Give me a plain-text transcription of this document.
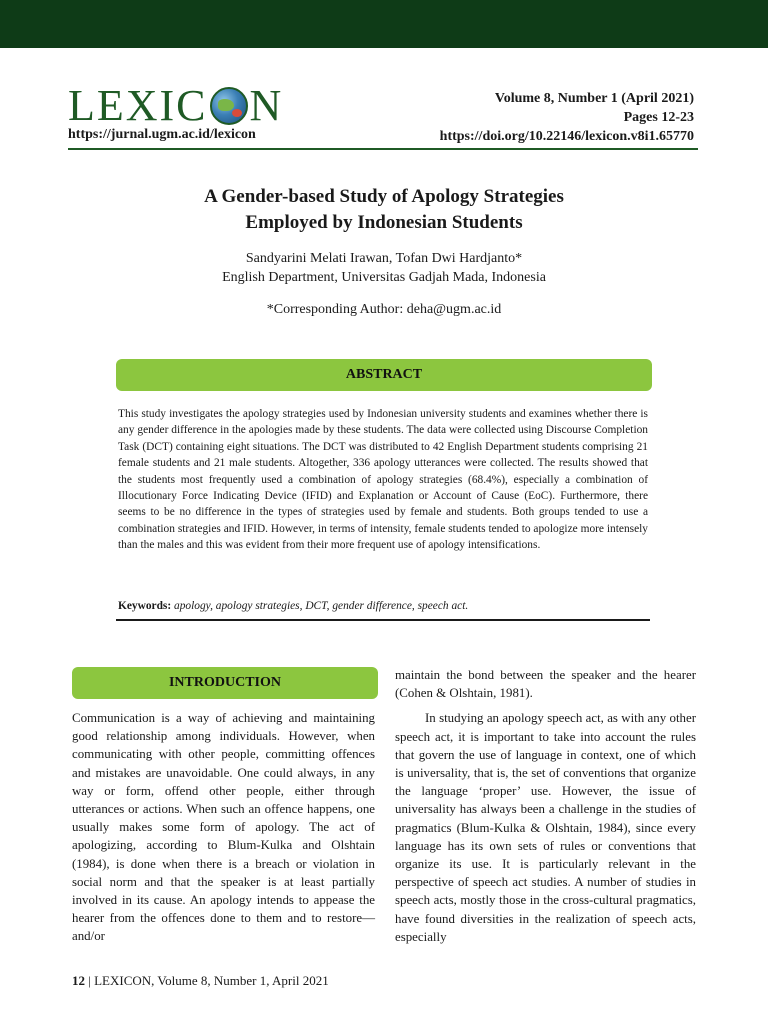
LEXIC N
https://jurnal.ugm.ac.id/lexicon
Volume 8, Number 1 (April 2021)
Pages 12-23
https://doi.org/10.22146/lexicon.v8i1.65770
A Gender-based Study of Apology Strategies
Employed by Indonesian Students
Sandyarini Melati Irawan, Tofan Dwi Hardjanto*
English Department, Universitas Gadjah Mada, Indonesia
*Corresponding Author: deha@ugm.ac.id
ABSTRACT
This study investigates the apology strategies used by Indonesian university students and examines whether there is any gender difference in the apologies made by these students. The data were collected using Discourse Completion Task (DCT) containing eight situations. The DCT was distributed to 42 English Department students comprising 21 female students and 21 male students. Altogether, 336 apology utterances were collected. The results showed that the students most frequently used a combination of apology strategies (68.4%), especially a combination of Illocutionary Force Indicating Device (IFID) and Explanation or Account of Cause (EoC). Furthermore, there seems to be no difference in the types of strategies used by female and students. Both groups tended to use a combination strategies and IFID. However, in terms of intensity, female students tended to apologize more intensely than the males and this was evident from their more frequent use of apology intensifications.
Keywords: apology, apology strategies, DCT, gender difference, speech act.
INTRODUCTION

Communication is a way of achieving and maintaining good relationship among individuals. However, when communicating with other people, committing offences and mistakes are unavoidable. One could always, in any way or form, offend other people, either through utterances or actions. When such an offence happens, one usually makes some form of apology. The act of apologizing, according to Blum-Kulka and Olshtain (1984), is done when there is a breach or violation in social norm and that the speaker is at least partially involved in its cause. An apology intends to appease the hearer from the offences done to them and to restore—and/or

maintain the bond between the speaker and the hearer (Cohen & Olshtain, 1981).

In studying an apology speech act, as with any other speech act, it is important to take into account the rules that govern the use of language in context, one of which is universality, that is, the set of conventions that organize the language ‘proper’ use. However, the issue of universality has always been a challenge in the studies of pragmatics (Blum-Kulka & Olshtain, 1984), since every language has its own sets of rules or conventions that organize its use. It is particularly relevant in the perspective of speech act studies. A number of studies in speech acts, mostly those in the cross-cultural pragmatics, have found diversities in the realization of speech acts, especially

12 | LEXICON, Volume 8, Number 1, April 2021
